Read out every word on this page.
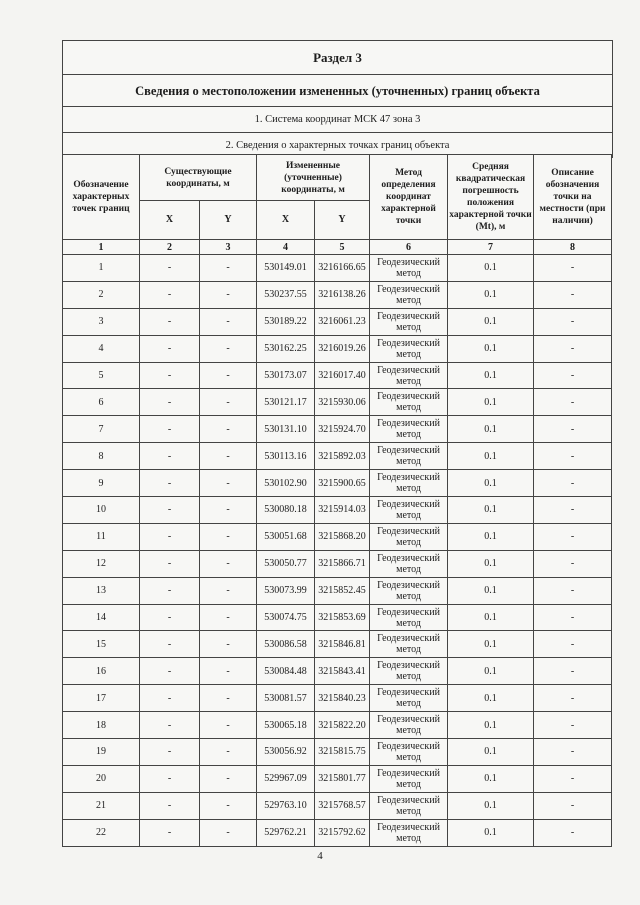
Раздел 3
Сведения о местоположении измененных (уточненных) границ объекта
1. Система координат МСК 47 зона 3
2. Сведения о характерных точках границ объекта
Обозначение характерных точек границ	Существующие координаты, м		Измененные (уточненные) координаты, м		Метод определения координат характерной точки	Средняя квадратическая погрешность положения характерной точки (Mt), м	Описание обозначения точки на местности (при наличии)
	X	Y	X	Y			
1	2	3	4	5	6	7	8
1	-	-	530149.01	3216166.65	Геодезический метод	0.1	-
2	-	-	530237.55	3216138.26	Геодезический метод	0.1	-
3	-	-	530189.22	3216061.23	Геодезический метод	0.1	-
4	-	-	530162.25	3216019.26	Геодезический метод	0.1	-
5	-	-	530173.07	3216017.40	Геодезический метод	0.1	-
6	-	-	530121.17	3215930.06	Геодезический метод	0.1	-
7	-	-	530131.10	3215924.70	Геодезический метод	0.1	-
8	-	-	530113.16	3215892.03	Геодезический метод	0.1	-
9	-	-	530102.90	3215900.65	Геодезический метод	0.1	-
10	-	-	530080.18	3215914.03	Геодезический метод	0.1	-
11	-	-	530051.68	3215868.20	Геодезический метод	0.1	-
12	-	-	530050.77	3215866.71	Геодезический метод	0.1	-
13	-	-	530073.99	3215852.45	Геодезический метод	0.1	-
14	-	-	530074.75	3215853.69	Геодезический метод	0.1	-
15	-	-	530086.58	3215846.81	Геодезический метод	0.1	-
16	-	-	530084.48	3215843.41	Геодезический метод	0.1	-
17	-	-	530081.57	3215840.23	Геодезический метод	0.1	-
18	-	-	530065.18	3215822.20	Геодезический метод	0.1	-
19	-	-	530056.92	3215815.75	Геодезический метод	0.1	-
20	-	-	529967.09	3215801.77	Геодезический метод	0.1	-
21	-	-	529763.10	3215768.57	Геодезический метод	0.1	-
22	-	-	529762.21	3215792.62	Геодезический метод	0.1	-
4
